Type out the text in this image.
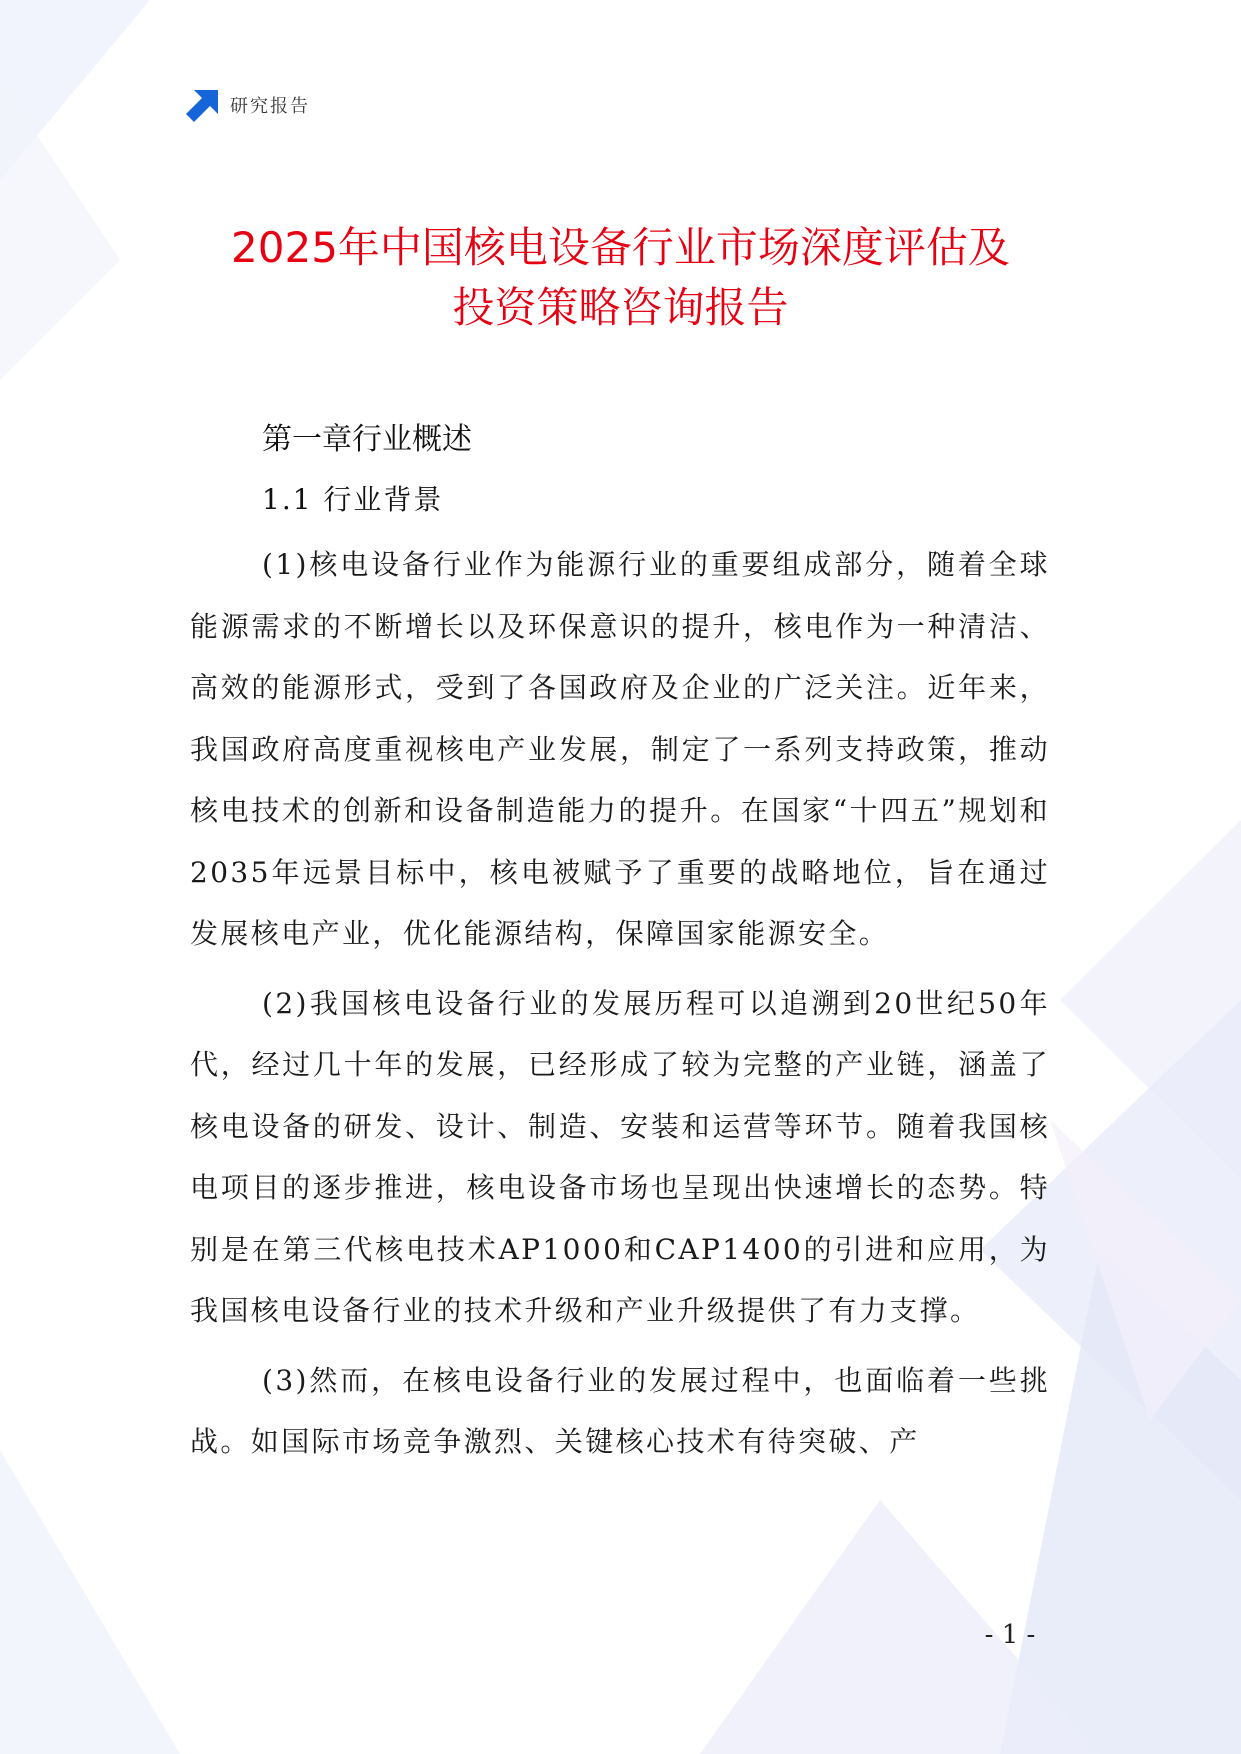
研究报告
2025年中国核电设备行业市场深度评估及
投资策略咨询报告
第一章行业概述
1.1 行业背景

(1)核电设备行业作为能源行业的重要组成部分，随着全球能源需求的不断增长以及环保意识的提升，核电作为一种清洁、高效的能源形式，受到了各国政府及企业的广泛关注。近年来，我国政府高度重视核电产业发展，制定了一系列支持政策，推动核电技术的创新和设备制造能力的提升。在国家“十四五”规划和2035年远景目标中，核电被赋予了重要的战略地位，旨在通过发展核电产业，优化能源结构，保障国家能源安全。

(2)我国核电设备行业的发展历程可以追溯到20世纪50年代，经过几十年的发展，已经形成了较为完整的产业链，涵盖了核电设备的研发、设计、制造、安装和运营等环节。随着我国核电项目的逐步推进，核电设备市场也呈现出快速增长的态势。特别是在第三代核电技术AP1000和CAP1400的引进和应用，为我国核电设备行业的技术升级和产业升级提供了有力支撑。

(3)然而，在核电设备行业的发展过程中，也面临着一些挑战。如国际市场竞争激烈、关键核心技术有待突破、产

- 1 -
